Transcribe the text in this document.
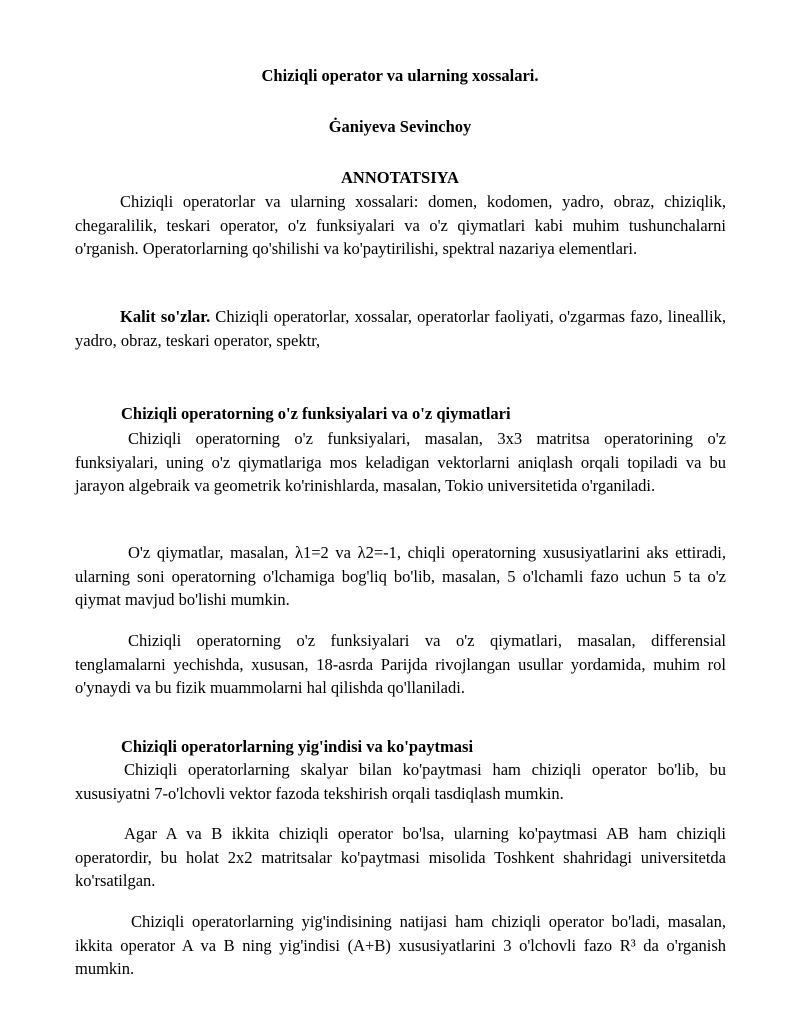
Chiziqli operator va ularning xossalari.
Ġaniyeva Sevinchoy
ANNOTATSIYA

Chiziqli operatorlar va ularning xossalari: domen, kodomen, yadro, obraz, chiziqlik, chegaralilik, teskari operator, o'z funksiyalari va o'z qiymatlari kabi muhim tushunchalarni o'rganish. Operatorlarning qo'shilishi va ko'paytirilishi, spektral nazariya elementlari.

Kalit so'zlar. Chiziqli operatorlar, xossalar, operatorlar faoliyati, o'zgarmas fazo, lineallik, yadro, obraz, teskari operator, spektr,

Chiziqli operatorning o'z funksiyalari va o'z qiymatlari

Chiziqli operatorning o'z funksiyalari, masalan, 3x3 matritsa operatorining o'z funksiyalari, uning o'z qiymatlariga mos keladigan vektorlarni aniqlash orqali topiladi va bu jarayon algebraik va geometrik ko'rinishlarda, masalan, Tokio universitetida o'rganiladi.

O'z qiymatlar, masalan, λ1=2 va λ2=-1, chiqli operatorning xususiyatlarini aks ettiradi, ularning soni operatorning o'lchamiga bog'liq bo'lib, masalan, 5 o'lchamli fazo uchun 5 ta o'z qiymat mavjud bo'lishi mumkin.

Chiziqli operatorning o'z funksiyalari va o'z qiymatlari, masalan, differensial tenglamalarni yechishda, xususan, 18-asrda Parijda rivojlangan usullar yordamida, muhim rol o'ynaydi va bu fizik muammolarni hal qilishda qo'llaniladi.

Chiziqli operatorlarning yig'indisi va ko'paytmasi

Chiziqli operatorlarning skalyar bilan ko'paytmasi ham chiziqli operator bo'lib, bu xususiyatni 7-o'lchovli vektor fazoda tekshirish orqali tasdiqlash mumkin.

Agar A va B ikkita chiziqli operator bo'lsa, ularning ko'paytmasi AB ham chiziqli operatordir, bu holat 2x2 matritsalar ko'paytmasi misolida Toshkent shahridagi universitetda ko'rsatilgan.

Chiziqli operatorlarning yig'indisining natijasi ham chiziqli operator bo'ladi, masalan, ikkita operator A va B ning yig'indisi (A+B) xususiyatlarini 3 o'lchovli fazo R³ da o'rganish mumkin.
